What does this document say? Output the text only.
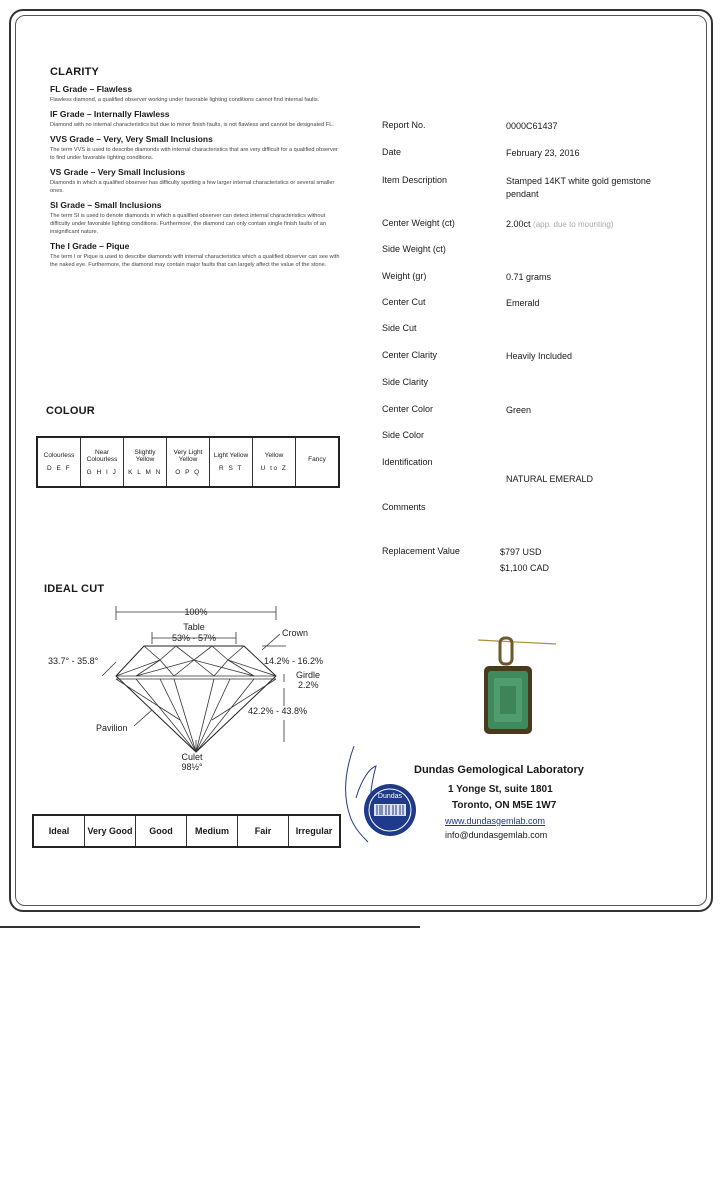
CLARITY
FL Grade – Flawless
Flawless diamond, a qualified observer working under favorable lighting conditions cannot find internal faults.
IF Grade – Internally Flawless
Diamond with no internal characteristics but due to minor finish faults, is not flawless and cannot be designated FL.
VVS Grade – Very, Very Small Inclusions
The term VVS is used to describe diamonds with internal characteristics that are very difficult for a qualified observer to find under favorable lighting conditions.
VS Grade – Very Small Inclusions
Diamonds in which a qualified observer has difficulty spotting a few larger internal characteristics or several smaller ones.
SI Grade – Small Inclusions
The term SI is used to denote diamonds in which a qualified observer can detect internal characteristics without difficulty under favorable lighting conditions. Furthermore, the diamond can only contain single finish faults of an insignificant nature.
The I Grade – Pique
The term I or Pique is used to describe diamonds with internal characteristics which a qualified observer can see with the naked eye. Furthermore, the diamond may contain major faults that can largely affect the value of the stone.
COLOUR
Colourless
D E F

Near Colourless
G H I J

Slightly Yellow
K L M N

Very Light Yellow
O P Q

Light Yellow
R S T

Yellow
U to Z

Fancy
IDEAL CUT
100%
Table
53% - 57%	Crown
33.7° - 35.8°	14.2% - 16.2%
Girdle
2.2%
42.2% - 43.8%
Pavilion
Culet
98½°
Ideal	Very Good	Good	Medium	Fair	Irregular
Report No.	0000C61437
Date	February 23, 2016
Item Description	Stamped 14KT white gold gemstone pendant
Center Weight (ct)	2.00ct (app. due to mounting)
Side Weight (ct)
Weight (gr)	0.71 grams
Center Cut	Emerald
Side Cut
Center Clarity	Heavily Included
Side Clarity
Center Color	Green
Side Color
Identification
NATURAL EMERALD
Comments
Replacement Value	$797 USD
$1,100 CAD
Dundas
Dundas Gemological Laboratory
1 Yonge St, suite 1801
Toronto, ON M5E 1W7
www.dundasgemlab.com
info@dundasgemlab.com
